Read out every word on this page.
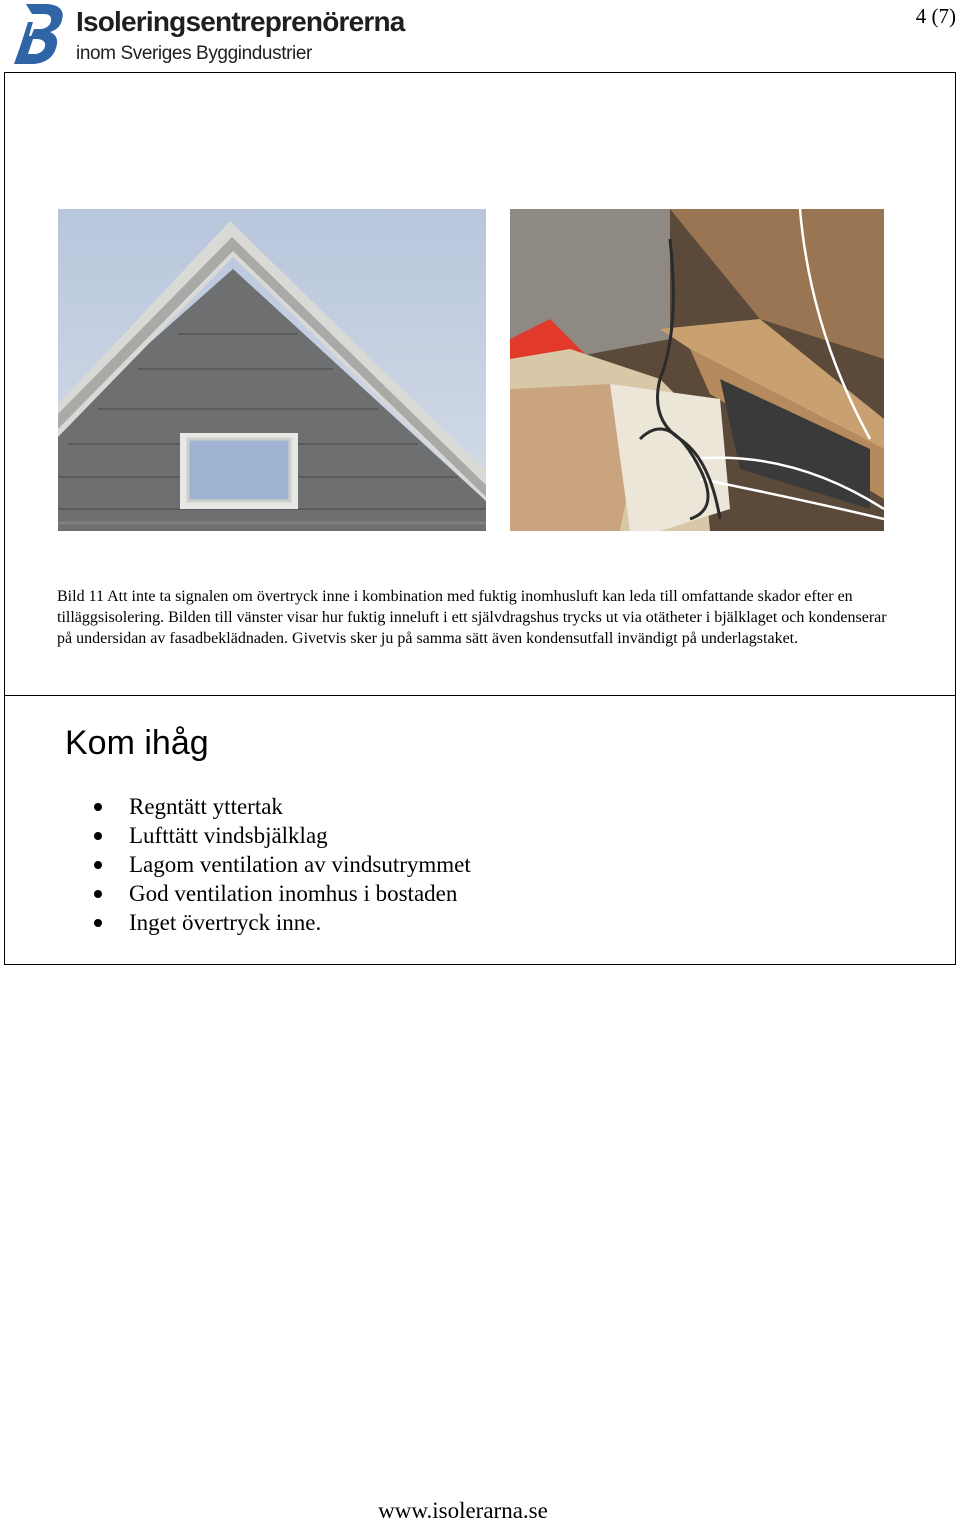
Isoleringsentreprenörerna
inom Sveriges Byggindustrier
4 (7)

Bild 11 Att inte ta signalen om övertryck inne i kombination med fuktig inomhusluft kan leda till omfattande skador efter en tilläggsisolering. Bilden till vänster visar hur fuktig inneluft i ett självdragshus trycks ut via otätheter i bjälklaget och kondenserar på undersidan av fasadbeklädnaden. Givetvis sker ju på samma sätt även kondensutfall invändigt på underlagstaket.

Kom ihåg
Regntätt yttertak
Lufttätt vindsbjälklag
Lagom ventilation av vindsutrymmet
God ventilation inomhus i bostaden
Inget övertryck inne.
www.isolerarna.se
